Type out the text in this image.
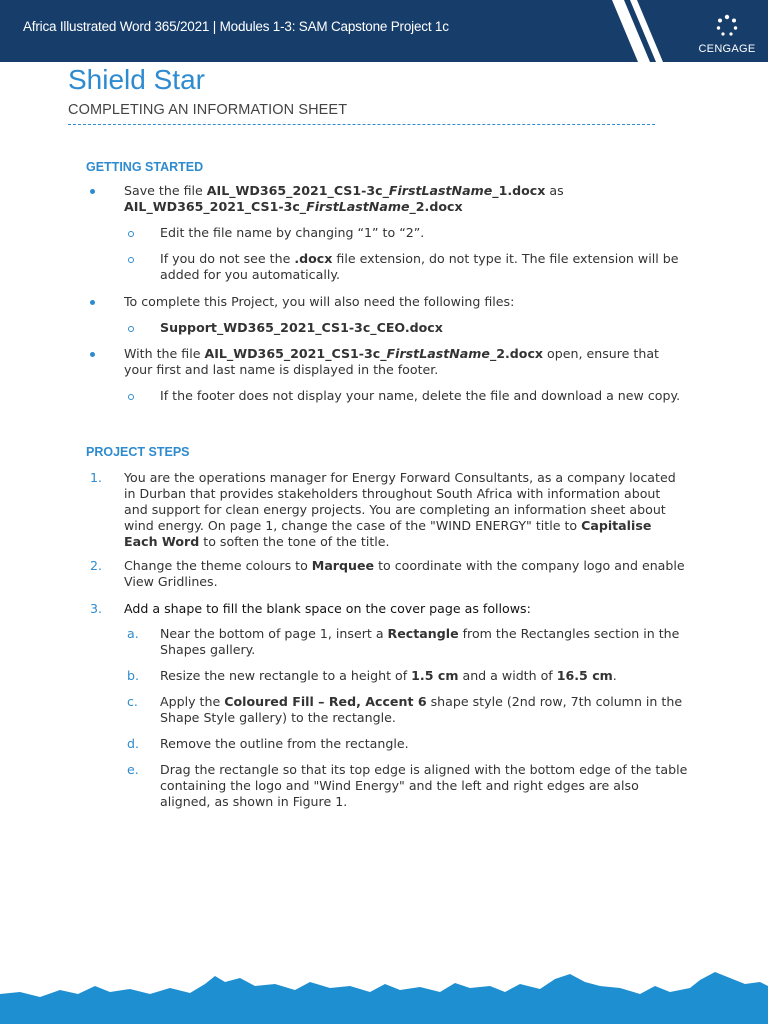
Africa Illustrated Word 365/2021 | Modules 1-3: SAM Capstone Project 1c
CENGAGE
Shield Star
COMPLETING AN INFORMATION SHEET
GETTING STARTED
Save the file AIL_WD365_2021_CS1-3c_FirstLastName_1.docx as
AIL_WD365_2021_CS1-3c_FirstLastName_2.docx
Edit the file name by changing “1” to “2”.
If you do not see the .docx file extension, do not type it. The file extension will be
added for you automatically.
To complete this Project, you will also need the following files:
Support_WD365_2021_CS1-3c_CEO.docx
With the file AIL_WD365_2021_CS1-3c_FirstLastName_2.docx open, ensure that
your first and last name is displayed in the footer.
If the footer does not display your name, delete the file and download a new copy.
PROJECT STEPS
1. You are the operations manager for Energy Forward Consultants, as a company located
in Durban that provides stakeholders throughout South Africa with information about
and support for clean energy projects. You are completing an information sheet about
wind energy. On page 1, change the case of the "WIND ENERGY" title to Capitalise
Each Word to soften the tone of the title.
2. Change the theme colours to Marquee to coordinate with the company logo and enable
View Gridlines.
3. Add a shape to fill the blank space on the cover page as follows:
a. Near the bottom of page 1, insert a Rectangle from the Rectangles section in the
Shapes gallery.
b. Resize the new rectangle to a height of 1.5 cm and a width of 16.5 cm.
c. Apply the Coloured Fill – Red, Accent 6 shape style (2nd row, 7th column in the
Shape Style gallery) to the rectangle.
d. Remove the outline from the rectangle.
e. Drag the rectangle so that its top edge is aligned with the bottom edge of the table
containing the logo and "Wind Energy" and the left and right edges are also
aligned, as shown in Figure 1.
